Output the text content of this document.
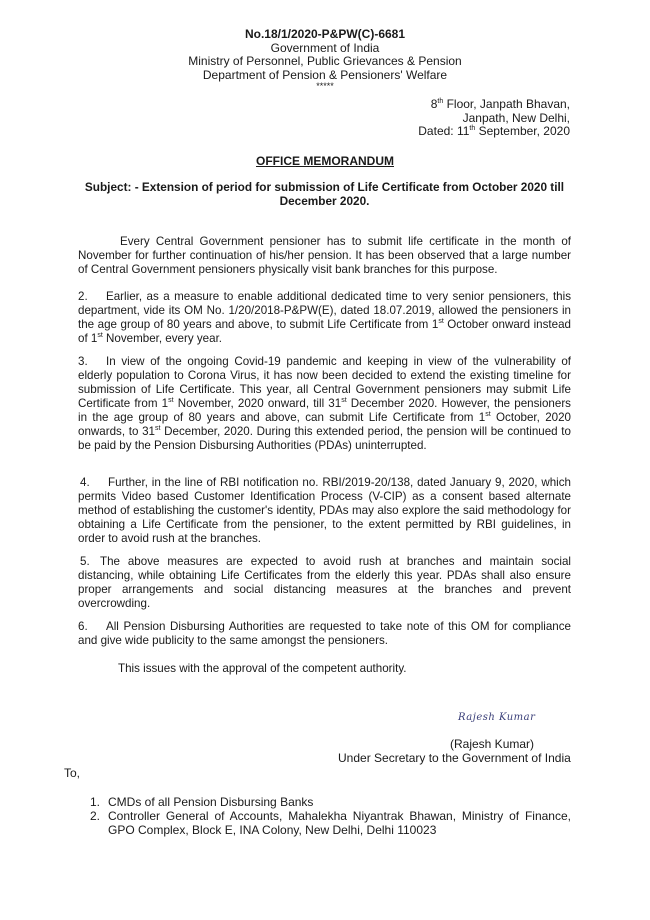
No.18/1/2020-P&PW(C)-6681
Government of India
Ministry of Personnel, Public Grievances & Pension
Department of Pension & Pensioners' Welfare
*****
8th Floor, Janpath Bhavan,
Janpath, New Delhi,
Dated: 11th September, 2020
OFFICE MEMORANDUM
Subject: - Extension of period for submission of Life Certificate from October 2020 till December 2020.
Every Central Government pensioner has to submit life certificate in the month of November for further continuation of his/her pension. It has been observed that a large number of Central Government pensioners physically visit bank branches for this purpose.
2. Earlier, as a measure to enable additional dedicated time to very senior pensioners, this department, vide its OM No. 1/20/2018-P&PW(E), dated 18.07.2019, allowed the pensioners in the age group of 80 years and above, to submit Life Certificate from 1st October onward instead of 1st November, every year.
3. In view of the ongoing Covid-19 pandemic and keeping in view of the vulnerability of elderly population to Corona Virus, it has now been decided to extend the existing timeline for submission of Life Certificate. This year, all Central Government pensioners may submit Life Certificate from 1st November, 2020 onward, till 31st December 2020. However, the pensioners in the age group of 80 years and above, can submit Life Certificate from 1st October, 2020 onwards, to 31st December, 2020. During this extended period, the pension will be continued to be paid by the Pension Disbursing Authorities (PDAs) uninterrupted.
4. Further, in the line of RBI notification no. RBI/2019-20/138, dated January 9, 2020, which permits Video based Customer Identification Process (V-CIP) as a consent based alternate method of establishing the customer's identity, PDAs may also explore the said methodology for obtaining a Life Certificate from the pensioner, to the extent permitted by RBI guidelines, in order to avoid rush at the branches.
5. The above measures are expected to avoid rush at branches and maintain social distancing, while obtaining Life Certificates from the elderly this year. PDAs shall also ensure proper arrangements and social distancing measures at the branches and prevent overcrowding.
6. All Pension Disbursing Authorities are requested to take note of this OM for compliance and give wide publicity to the same amongst the pensioners.
This issues with the approval of the competent authority.
Rajesh Kumar
(Rajesh Kumar)
Under Secretary to the Government of India
To,
1. CMDs of all Pension Disbursing Banks
2. Controller General of Accounts, Mahalekha Niyantrak Bhawan, Ministry of Finance, GPO Complex, Block E, INA Colony, New Delhi, Delhi 110023
